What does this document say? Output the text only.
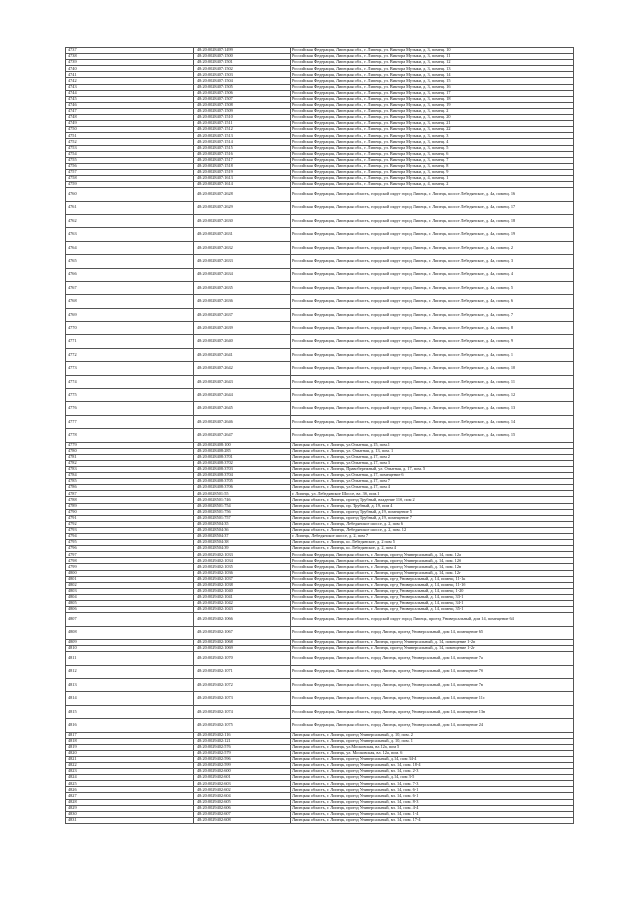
4737	48:20:0028407:1499	Российская Федерация, Липецкая обл., г. Липецк, ул. Виктора Музыки, д. 3, помещ. 10
4738	48:20:0028407:1500	Российская Федерация, Липецкая обл., г. Липецк, ул. Виктора Музыки, д. 3, помещ. 11
4739	48:20:0028407:1501	Российская Федерация, Липецкая обл., г. Липецк, ул. Виктора Музыки, д. 3, помещ. 12
4740	48:20:0028407:1502	Российская Федерация, Липецкая обл., г. Липецк, ул. Виктора Музыки, д. 3, помещ. 13
4741	48:20:0028407:1503	Российская Федерация, Липецкая обл., г. Липецк, ул. Виктора Музыки, д. 3, помещ. 14
4742	48:20:0028407:1504	Российская Федерация, Липецкая обл., г. Липецк, ул. Виктора Музыки, д. 3, помещ. 15
4743	48:20:0028407:1505	Российская Федерация, Липецкая обл., г. Липецк, ул. Виктора Музыки, д. 3, помещ. 16
4744	48:20:0028407:1506	Российская Федерация, Липецкая обл., г. Липецк, ул. Виктора Музыки, д. 3, помещ. 17
4745	48:20:0028407:1507	Российская Федерация, Липецкая обл., г. Липецк, ул. Виктора Музыки, д. 3, помещ. 18
4746	48:20:0028407:1508	Российская Федерация, Липецкая обл., г. Липецк, ул. Виктора Музыки, д. 3, помещ. 19
4747	48:20:0028407:1509	Российская Федерация, Липецкая обл., г. Липецк, ул. Виктора Музыки, д. 3, помещ. 2
4748	48:20:0028407:1510	Российская Федерация, Липецкая обл., г. Липецк, ул. Виктора Музыки, д. 3, помещ. 20
4749	48:20:0028407:1511	Российская Федерация, Липецкая обл., г. Липецк, ул. Виктора Музыки, д. 3, помещ. 21
4750	48:20:0028407:1512	Российская Федерация, Липецкая обл., г. Липецк, ул. Виктора Музыки, д. 3, помещ. 22
4751	48:20:0028407:1513	Российская Федерация, Липецкая обл., г. Липецк, ул. Виктора Музыки, д. 3, помещ. 3
4752	48:20:0028407:1514	Российская Федерация, Липецкая обл., г. Липецк, ул. Виктора Музыки, д. 3, помещ. 4
4753	48:20:0028407:1515	Российская Федерация, Липецкая обл., г. Липецк, ул. Виктора Музыки, д. 3, помещ. 5
4754	48:20:0028407:1516	Российская Федерация, Липецкая обл., г. Липецк, ул. Виктора Музыки, д. 3, помещ. 6
4755	48:20:0028407:1517	Российская Федерация, Липецкая обл., г. Липецк, ул. Виктора Музыки, д. 3, помещ. 7
4756	48:20:0028407:1518	Российская Федерация, Липецкая обл., г. Липецк, ул. Виктора Музыки, д. 3, помещ. 8
4757	48:20:0028407:1519	Российская Федерация, Липецкая обл., г. Липецк, ул. Виктора Музыки, д. 3, помещ. 9
4758	48:20:0028407:1613	Российская Федерация, Липецкая обл., г. Липецк, ул. Виктора Музыки, д. 4, помещ. 1
4759	48:20:0028407:1614	Российская Федерация, Липецкая обл., г. Липецк, ул. Виктора Музыки, д. 4, помещ. 2
4760	48:20:0028407:2628	Российская Федерация, Липецкая область, городской округ город Липецк, г. Липецк, шоссе Лебедянское, д. 4а, помещ. 16
4761	48:20:0028407:2629	Российская Федерация, Липецкая область, городской округ город Липецк, г. Липецк, шоссе Лебедянское, д. 4а, помещ. 17
4762	48:20:0028407:2630	Российская Федерация, Липецкая область, городской округ город Липецк, г. Липецк, шоссе Лебедянское, д. 4а, помещ. 18
4763	48:20:0028407:2631	Российская Федерация, Липецкая область, городской округ город Липецк, г. Липецк, шоссе Лебедянское, д. 4а, помещ. 19
4764	48:20:0028407:2632	Российская Федерация, Липецкая область, городской округ город Липецк, г. Липецк, шоссе Лебедянское, д. 4а, помещ. 2
4765	48:20:0028407:2633	Российская Федерация, Липецкая область, городской округ город Липецк, г. Липецк, шоссе Лебедянское, д. 4а, помещ. 3
4766	48:20:0028407:2634	Российская Федерация, Липецкая область, городской округ город Липецк, г. Липецк, шоссе Лебедянское, д. 4а, помещ. 4
4767	48:20:0028407:2635	Российская Федерация, Липецкая область, городской округ город Липецк, г. Липецк, шоссе Лебедянское, д. 4а, помещ. 5
4768	48:20:0028407:2636	Российская Федерация, Липецкая область, городской округ город Липецк, г. Липецк, шоссе Лебедянское, д. 4а, помещ. 6
4769	48:20:0028407:2637	Российская Федерация, Липецкая область, городской округ город Липецк, г. Липецк, шоссе Лебедянское, д. 4а, помещ. 7
4770	48:20:0028407:2639	Российская Федерация, Липецкая область, городской округ город Липецк, г. Липецк, шоссе Лебедянское, д. 4а, помещ. 8
4771	48:20:0028407:2640	Российская Федерация, Липецкая область, городской округ город Липецк, г. Липецк, шоссе Лебедянское, д. 4а, помещ. 9
4772	48:20:0028407:2641	Российская Федерация, Липецкая область, городской округ город Липецк, г. Липецк, шоссе Лебедянское, д. 4а, помещ. 1
4773	48:20:0028407:2642	Российская Федерация, Липецкая область, городской округ город Липецк, г. Липецк, шоссе Лебедянское, д. 4а, помещ. 10
4774	48:20:0028407:2643	Российская Федерация, Липецкая область, городской округ город Липецк, г. Липецк, шоссе Лебедянское, д. 4а, помещ. 11
4775	48:20:0028407:2644	Российская Федерация, Липецкая область, городской округ город Липецк, г. Липецк, шоссе Лебедянское, д. 4а, помещ. 12
4776	48:20:0028407:2645	Российская Федерация, Липецкая область, городской округ город Липецк, г. Липецк, шоссе Лебедянское, д. 4а, помещ. 13
4777	48:20:0028407:2646	Российская Федерация, Липецкая область, городской округ город Липецк, г. Липецк, шоссе Лебедянское, д. 4а, помещ. 14
4778	48:20:0028407:2647	Российская Федерация, Липецкая область, городской округ город Липецк, г. Липецк, шоссе Лебедянское, д. 4а, помещ. 15
4779	48:20:0028408:100	Липецкая область, г. Липецк, ул.Опытная, д.15, пом.1
4780	48:20:0028408:285	Липецкая область, г. Липецк, ул. Опытная, д. 13, пом. 1
4781	48:20:0028408:3701	Липецкая область, г. Липецк, ул.Опытная, д.17, пом 2
4782	48:20:0028408:3702	Липецкая область, г. Липецк, ул.Опытная, д.17, пом 3
4783	48:20:0028408:3703	Липецкая область, г. Липецк, Правобережный, ул. Опытная, д. 17, пом. 5
4784	48:20:0028408:3704	Липецкая область, г. Липецк, ул.Опытная, д.17, помещение 6
4785	48:20:0028408:3705	Липецкая область, г. Липецк, ул.Опытная, д.17, пом 7
4786	48:20:0028408:3706	Липецкая область, г. Липецк, ул.Опытная, д.17, пом 4
4787	48:20:0028501:55	г. Липецк, ул. Лебедянское Шоссе, вл. 3б, пом.1
4788	48:20:0028501:746	Липецкая область, г. Липецк, проезд Трубный, владение 11б, пом 2
4789	48:20:0028501:754	Липецкая область, г. Липецк, пр. Трубный, д. 19, пом 4
4790	48:20:0028501:756	Липецкая область, г. Липецк, проезд Трубный, д.19, помещение 5
4791	48:20:0028501:757	Липецкая область, г. Липецк, проезд Трубный, д.19, помещение 7
4792	48:20:0028504:35	Липецкая область, г. Липецк, Лебедянское шоссе, д. 2, пом 6
4793	48:20:0028504:36	Липецкая область, г. Липецк, Лебедянское шоссе, д. 2, пом. 12
4794	48:20:0028504:37	г. Липецк, Лебедянское шоссе, д. 2, пом 7
4795	48:20:0028504:38	Липецкая область, г. Липецк, ш. Лебедянское, д. 2 пом 5
4796	48:20:0028504:39	Липецкая область, г. Липецк, ш. Лебедянское, д. 2, пом 4
4797	48:20:0029402:1033	Российская Федерация, Липецкая область, г. Липецк, проезд Универсальный, д. 14, пом. 12а
4798	48:20:0029402:1034	Российская Федерация, Липецкая область, г. Липецк, проезд Универсальный, д. 14, пом. 12б
4799	48:20:0029402:1035	Российская Федерация, Липецкая область, г. Липецк, проезд Универсальный, д. 14, пом. 12в
4800	48:20:0029402:1036	Российская Федерация, Липецкая область, г. Липецк, проезд Универсальный, д. 14, пом. 12г
4801	48:20:0029402:1037	Российская Федерация, Липецкая область, г. Липецк, пр-д Универсальный, д. 14, помещ. 11-1к
4802	48:20:0029402:1038	Российская Федерация, Липецкая область, г. Липецк, пр-д Универсальный, д. 14, помещ. 11-1б
4803	48:20:0029402:1040	Российская Федерация, Липецкая область, г. Липецк, пр-д Универсальный, д. 14, помещ. 1-20
4804	48:20:0029402:1041	Российская Федерация, Липецкая область, г. Липецк, пр-д Универсальный, д. 14, помещ. 33-1
4805	48:20:0029402:1042	Российская Федерация, Липецкая область, г. Липецк, пр-д Универсальный, д. 14, помещ. 34-1
4806	48:20:0029402:1043	Российская Федерация, Липецкая область, г. Липецк, пр-д Универсальный, д. 14, помещ. 35-1
4807	48:20:0029402:1066	Российская Федерация, Липецкая область, городской округ город Липецк, проезд Универсальный, дом 14, помещение 64
4808	48:20:0029402:1067	Российская Федерация, Липецкая область, город Липецк, проезд Универсальный, дом 14, помещение 65
4809	48:20:0029402:1068	Российская Федерация, Липецкая область, г. Липецк, проезд Универсальный, д. 14, помещение 1-2п
4810	48:20:0029402:1069	Российская Федерация, Липецкая область, г. Липецк, проезд Универсальный, д. 14, помещение 1-2г
4811	48:20:0029402:1070	Российская Федерация, Липецкая область, город Липецк, проезд Универсальный, дом 14, помещение 7а
4812	48:20:0029402:1071	Российская Федерация, Липецкая область, город Липецк, проезд Универсальный, дом 14, помещение 7б
4813	48:20:0029402:1072	Российская Федерация, Липецкая область, город Липецк, проезд Универсальный, дом 14, помещение 7в
4814	48:20:0029402:1073	Российская Федерация, Липецкая область, город Липецк, проезд Универсальный, дом 14, помещение 11с
4815	48:20:0029402:1074	Российская Федерация, Липецкая область, город Липецк, проезд Универсальный, дом 14, помещение 13в
4816	48:20:0029402:1075	Российская Федерация, Липецкая область, город Липецк, проезд Универсальный, дом 14, помещение 24
4817	48:20:0029402:116	Липецкая область, г. Липецк, проезд Универсальный, д. 10, пом. 2
4818	48:20:0029402:121	Липецкая область, г. Липецк, проезд Универсальный, д. 10, пом. 1
4819	48:20:0029402:576	Липецкая область, г. Липецк, ул.Московская, вл.12а, пом 5
4820	48:20:0029402:579	Липецкая область, г. Липецк, ул. Московская, вл. 12а, пом. 6
4821	48:20:0029402:596	Липецкая область, г. Липецк, проезд Универсальный, д.14, пом 34-4
4822	48:20:0029402:599	Липецкая область, г. Липецк, проезд Универсальный, вл. 14, пом. 18-4
4823	48:20:0029402:600	Липецкая область, г. Липецк, проезд Универсальный, вл. 14, пом. 2-3
4824	48:20:0029402:601	Липецкая область, г. Липецк, проезд Универсальный, д.14, пом 3-5
4825	48:20:0029402:603	Липецкая область, г. Липецк, проезд Универсальный, вл. 14, пом. 7-3
4826	48:20:0029402:602	Липецкая область, г. Липецк, проезд Универсальный, вл. 14, пом. 6-1
4827	48:20:0029402:604	Липецкая область, г. Липецк, проезд Универсальный, вл. 14, пом. 6-1
4828	48:20:0029402:605	Липецкая область, г. Липецк, проезд Универсальный, вл. 14, пом. 8-3
4829	48:20:0029402:606	Липецкая область, г. Липецк, проезд Универсальный, вл. 14, пом. 4-4
4830	48:20:0029402:607	Липецкая область, г. Липецк, проезд Универсальный, вл. 14, пом. 1-4
4831	48:20:0029402:608	Липецкая область, г. Липецк, проезд Универсальный, вл. 14, пом. 17-4
